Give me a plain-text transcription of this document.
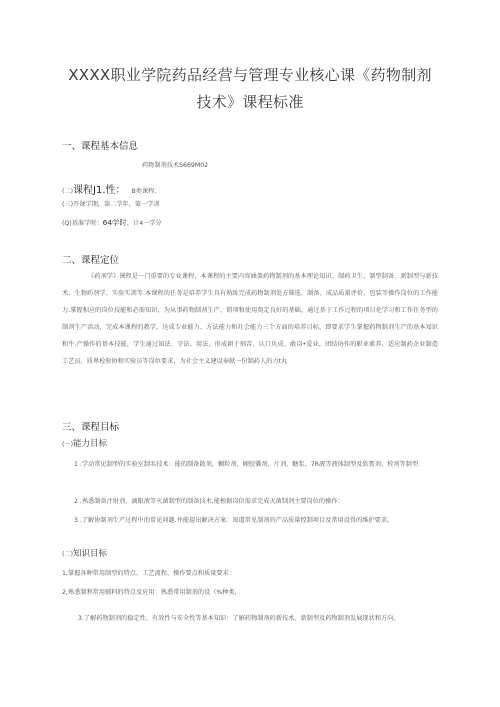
XXXX职业学院药品经营与管理专业核心课《药物制剂
技术》课程标准
一、课程基本信息
药物制剂技术S669M02
(二)课程J1.性： B类课程.
(三)开课学期，第二学年，第一学训
(Q)基准学时：64学时，计4一学分
二、课程定位
《药剂学》课程是一门重要的专业课程，本课程的主要内容涵盖药物制剂的基本理论知识、制药卫生、制型制备、新制型与新技术、生物药剂学、实验实训等.本课程的任务是培养学生具有熟练完成药物制剂处方筛选、制备、成品质量评价、包装等操作岗位的工作能力.掌握相应的岗位技能和必需知识，为从事药物制剂生产、销项和使用奠定良好的基础，通过基于工作过程的项目化学习和工作任务型的制剂生产活动，完成本课程的教学，达成专业能力、方法能力和社会能力三个方面的培养目标，即要求学生掌握药物制剂生产的基本知识和牛.产操作的基本技能，学生通过知法、守法、用法，形成耕于刻苦、认口负成、敢岗•爱业，团结协作的职业素养，适应制药企业制造工艺员、质界检验协和实验员等岗位要求，为社会主义建设奉献一份制药人的力t丸
三、课程目标
(一)能力目标
1 .学动常见制型的实验室制名技术：能的制备散剂、颗粒剂、硬胶囊剂、片剂、糖浆、7R液等液体制型及软膏剂、栓剂等制型.
2 .熟悉制备注射剂、滴眼液等灭菌制型的制备技术.能根据岗位需求完成灭菌制剂主要岗位的操作：
3 .了解协制剂生产过程中的常见问题.并能提出解决方案：知道常见制剂的产品质量控制项目及常用设得的维护要求。
(二)知识目标
1,掌握各种常用制型的特点、工艺流程、操作要点和质量要求：
2,熟悉制利常用辅料的特点及应用：熟悉常用制剂的设（%种类，
3.了解药物制剂的稳定性、有效性与安全性等基本知识：了解药物制剂的新技术、新制型及药物制剂发展现状和方向。
